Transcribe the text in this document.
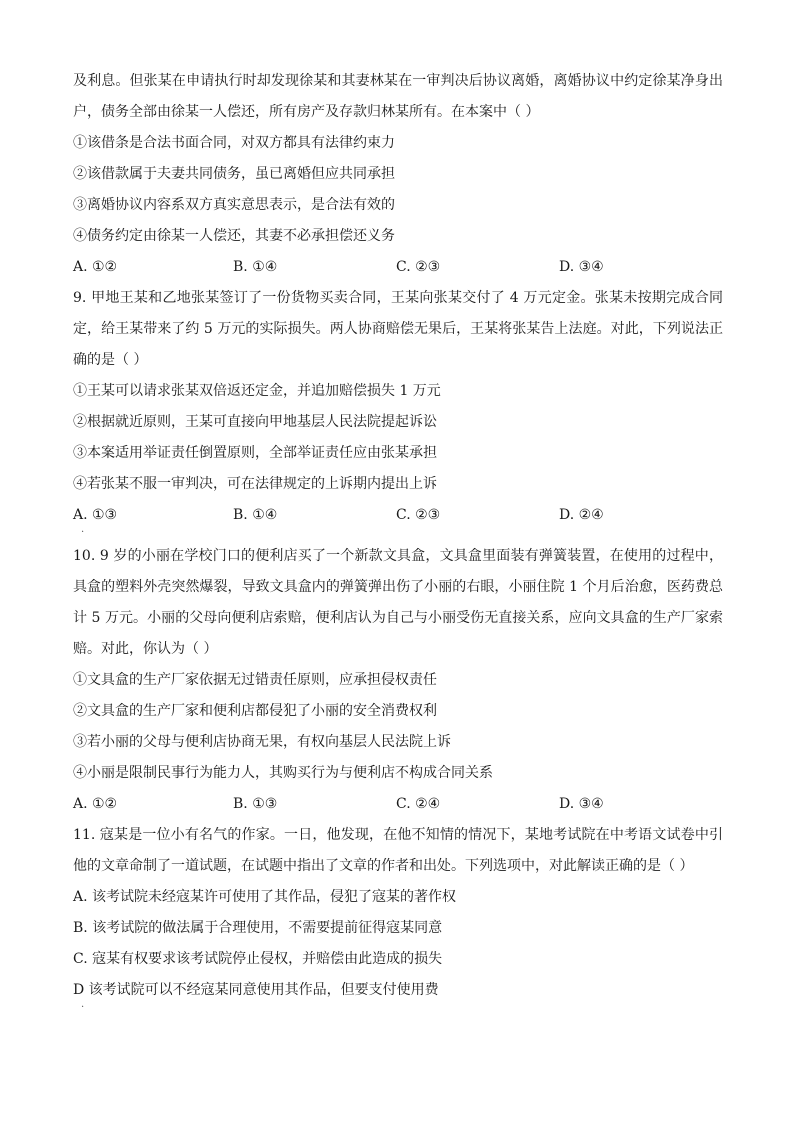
及利息。但张某在申请执行时却发现徐某和其妻林某在一审判决后协议离婚，离婚协议中约定徐某净身出
户，债务全部由徐某一人偿还，所有房产及存款归林某所有。在本案中（ ）
①该借条是合法书面合同，对双方都具有法律约束力
②该借款属于夫妻共同债务，虽已离婚但应共同承担
③离婚协议内容系双方真实意思表示，是合法有效的
④债务约定由徐某一人偿还，其妻不必承担偿还义务
A. ①②	B. ①④	C. ②③	D. ③④
9. 甲地王某和乙地张某签订了一份货物买卖合同，王某向张某交付了 4 万元定金。张某未按期完成合同
定，给王某带来了约 5 万元的实际损失。两人协商赔偿无果后，王某将张某告上法庭。对此，下列说法正
确的是（ ）
①王某可以请求张某双倍返还定金，并追加赔偿损失 1 万元
②根据就近原则，王某可直接向甲地基层人民法院提起诉讼
③本案适用举证责任倒置原则，全部举证责任应由张某承担
④若张某不服一审判决，可在法律规定的上诉期内提出上诉
A. ①③	B. ①④	C. ②③	D. ②④
.
10. 9 岁的小丽在学校门口的便利店买了一个新款文具盒，文具盒里面装有弹簧装置，在使用的过程中，
具盒的塑料外壳突然爆裂，导致文具盒内的弹簧弹出伤了小丽的右眼，小丽住院 1 个月后治愈，医药费总
计 5 万元。小丽的父母向便利店索赔，便利店认为自己与小丽受伤无直接关系，应向文具盒的生产厂家索
赔。对此，你认为（ ）
①文具盒的生产厂家依据无过错责任原则，应承担侵权责任
②文具盒的生产厂家和便利店都侵犯了小丽的安全消费权利
③若小丽的父母与便利店协商无果，有权向基层人民法院上诉
④小丽是限制民事行为能力人，其购买行为与便利店不构成合同关系
A. ①②	B. ①③	C. ②④	D. ③④
11. 寇某是一位小有名气的作家。一日，他发现，在他不知情的情况下，某地考试院在中考语文试卷中引
他的文章命制了一道试题，在试题中指出了文章的作者和出处。下列选项中，对此解读正确的是（ ）
A. 该考试院未经寇某许可使用了其作品，侵犯了寇某的著作权
B. 该考试院的做法属于合理使用，不需要提前征得寇某同意
C. 寇某有权要求该考试院停止侵权，并赔偿由此造成的损失
D 该考试院可以不经寇某同意使用其作品，但要支付使用费
.
